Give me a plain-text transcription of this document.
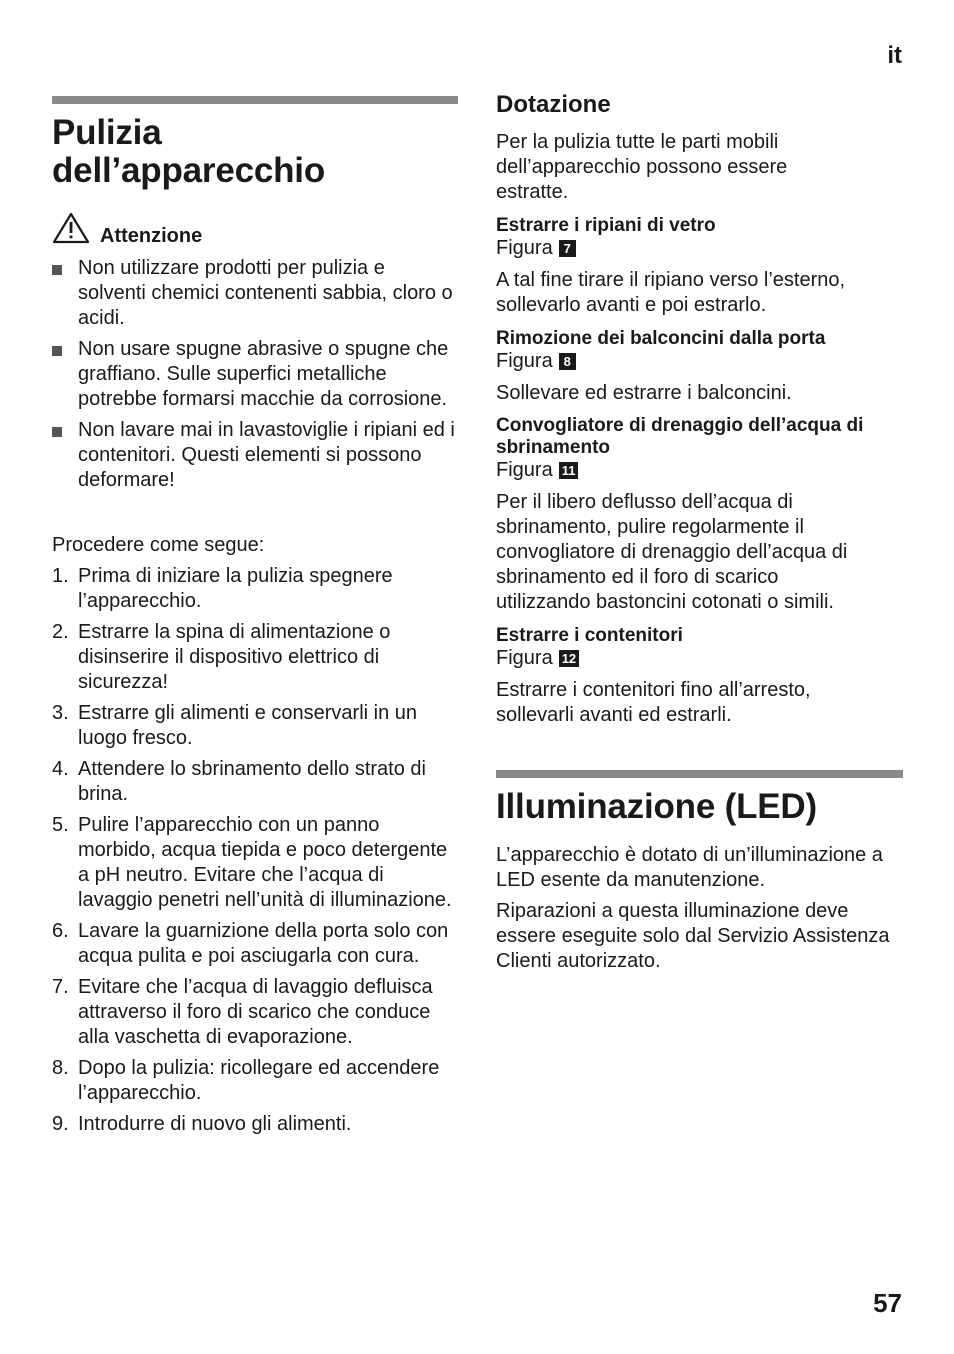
it
Pulizia dell’apparecchio
Attenzione
Non utilizzare prodotti per pulizia e solventi chemici contenenti sabbia, cloro o acidi.
Non usare spugne abrasive o spugne che graffiano. Sulle superfici metalliche potrebbe formarsi macchie da corrosione.
Non lavare mai in lavastoviglie i ripiani ed i contenitori. Questi elementi si possono deformare!

Procedere come segue:

1. Prima di iniziare la pulizia spegnere l’apparecchio.
2. Estrarre la spina di alimentazione o disinserire il dispositivo elettrico di sicurezza!
3. Estrarre gli alimenti e conservarli in un luogo fresco.
4. Attendere lo sbrinamento dello strato di brina.
5. Pulire l’apparecchio con un panno morbido, acqua tiepida e poco detergente a pH neutro. Evitare che l’acqua di lavaggio penetri nell’unità di illuminazione.
6. Lavare la guarnizione della porta solo con acqua pulita e poi asciugarla con cura.
7. Evitare che l’acqua di lavaggio defluisca attraverso il foro di scarico che conduce alla vaschetta di evaporazione.
8. Dopo la pulizia: ricollegare ed accendere l’apparecchio.
9. Introdurre di nuovo gli alimenti.
Dotazione

Per la pulizia tutte le parti mobili dell’apparecchio possono essere estratte.

Estrarre i ripiani di vetro
Figura 7

A tal fine tirare il ripiano verso l’esterno, sollevarlo avanti e poi estrarlo.

Rimozione dei balconcini dalla porta
Figura 8

Sollevare ed estrarre i balconcini.

Convogliatore di drenaggio dell’acqua di sbrinamento
Figura 11

Per il libero deflusso dell’acqua di sbrinamento, pulire regolarmente il convogliatore di drenaggio dell’acqua di sbrinamento ed il foro di scarico utilizzando bastoncini cotonati o simili.

Estrarre i contenitori
Figura 12

Estrarre i contenitori fino all’arresto, sollevarli avanti ed estrarli.

Illuminazione (LED)

L’apparecchio è dotato di un’illuminazione a LED esente da manutenzione.

Riparazioni a questa illuminazione deve essere eseguite solo dal Servizio Assistenza Clienti autorizzato.

57
